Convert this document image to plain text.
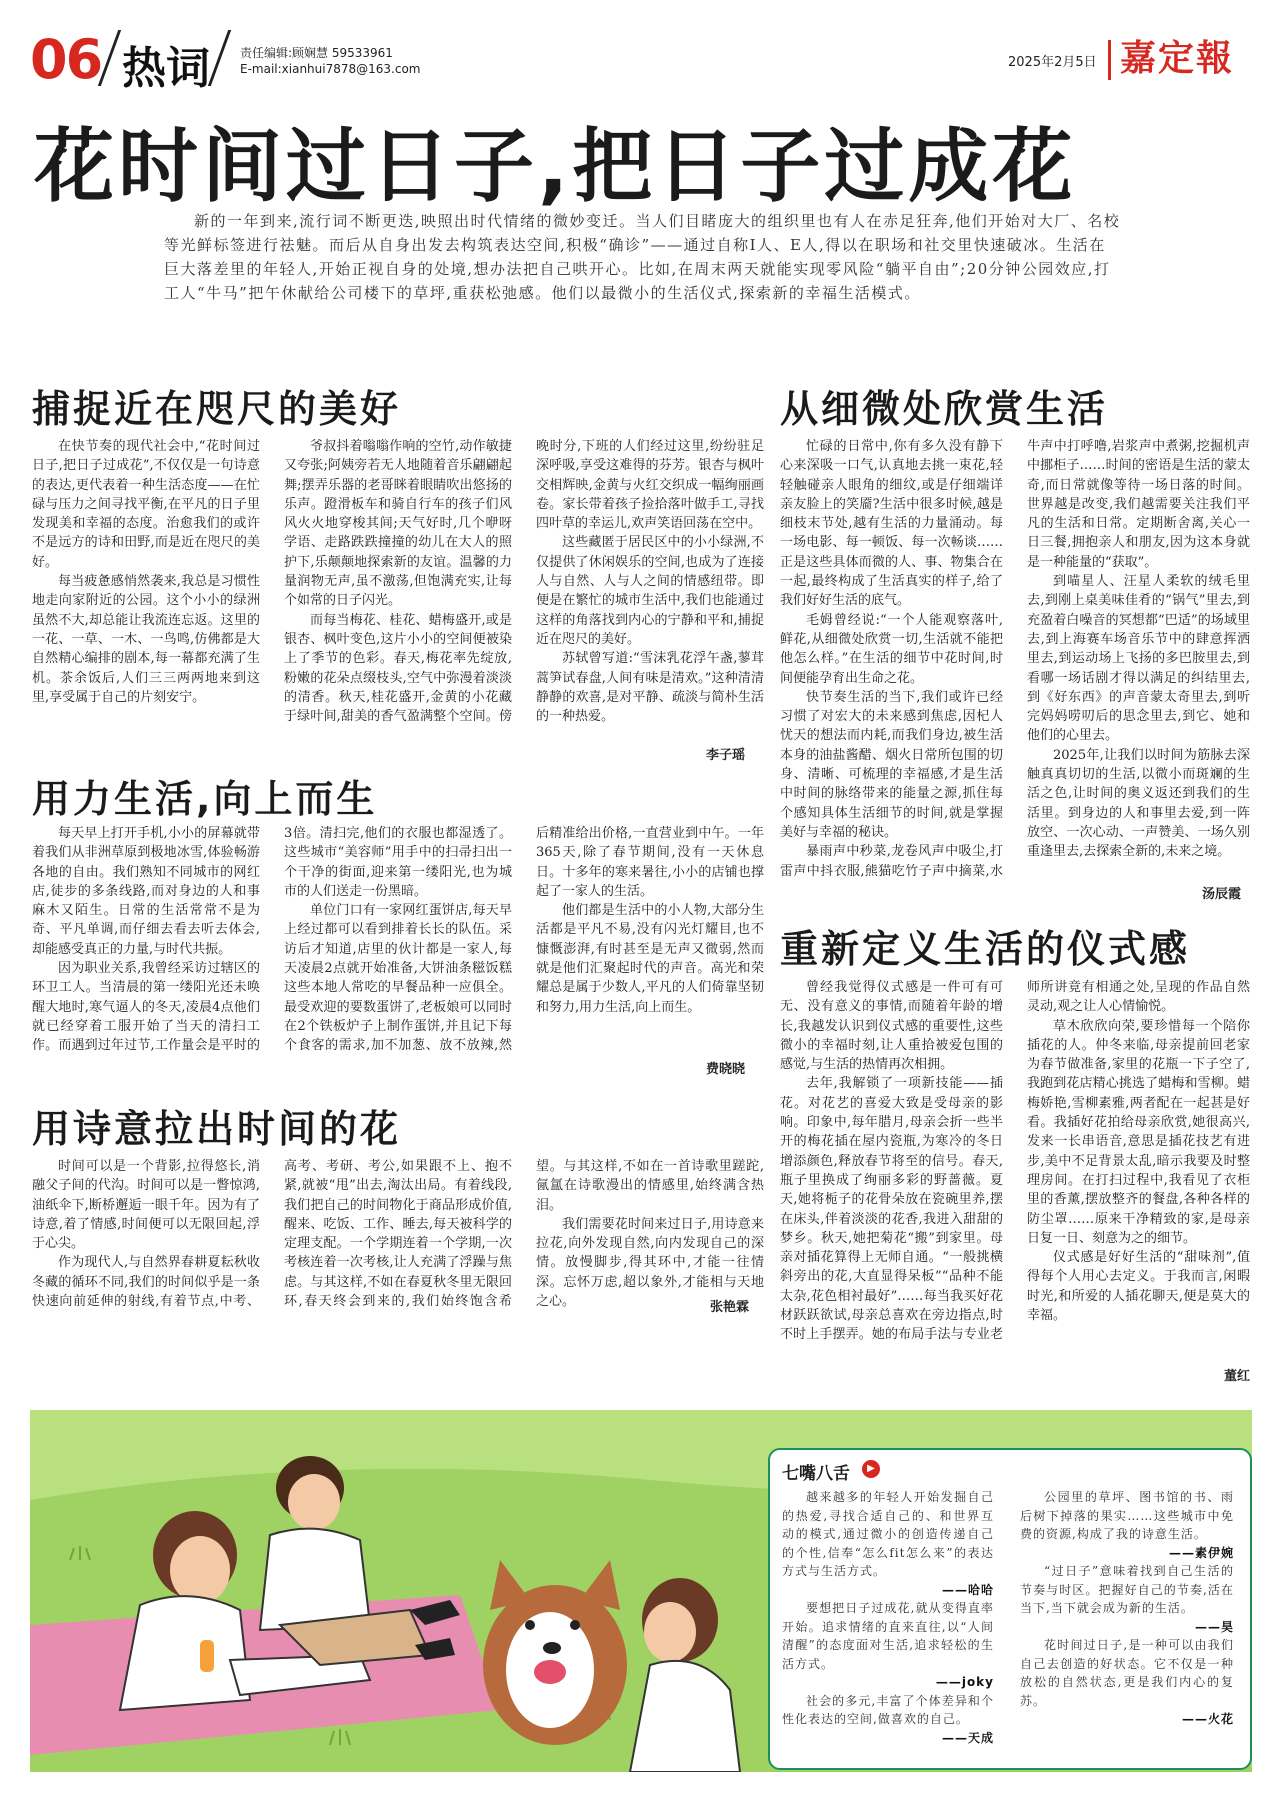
06 热词	责任编辑:顾娴慧 59533961
E-mail:xianhui7878@163.com	2025年2月5日 嘉定報
花时间过日子,把日子过成花

新的一年到来,流行词不断更迭,映照出时代情绪的微妙变迁。当人们目睹庞大的组织里也有人在赤足狂奔,他们开始对大厂、名校等光鲜标签进行祛魅。而后从自身出发去构筑表达空间,积极“确诊”——通过自称I人、E人,得以在职场和社交里快速破冰。生活在巨大落差里的年轻人,开始正视自身的处境,想办法把自己哄开心。比如,在周末两天就能实现零风险“躺平自由”;20分钟公园效应,打工人“牛马”把午休献给公司楼下的草坪,重获松弛感。他们以最微小的生活仪式,探索新的幸福生活模式。

捕捉近在咫尺的美好

在快节奏的现代社会中,“花时间过日子,把日子过成花”,不仅仅是一句诗意的表达,更代表着一种生活态度——在忙碌与压力之间寻找平衡,在平凡的日子里发现美和幸福的态度。治愈我们的或许不是远方的诗和田野,而是近在咫尺的美好。

每当疲惫感悄然袭来,我总是习惯性地走向家附近的公园。这个小小的绿洲虽然不大,却总能让我流连忘返。这里的一花、一草、一木、一鸟鸣,仿佛都是大自然精心编排的剧本,每一幕都充满了生机。茶余饭后,人们三三两两地来到这里,享受属于自己的片刻安宁。

爷叔抖着嗡嗡作响的空竹,动作敏捷又夸张;阿姨旁若无人地随着音乐翩翩起舞;摆弄乐器的老哥眯着眼睛吹出悠扬的乐声。蹬滑板车和骑自行车的孩子们风风火火地穿梭其间;天气好时,几个咿呀学语、走路跌跌撞撞的幼儿在大人的照护下,乐颠颠地探索新的友谊。温馨的力量润物无声,虽不激荡,但饱满充实,让每个如常的日子闪光。

而每当梅花、桂花、蜡梅盛开,或是银杏、枫叶变色,这片小小的空间便被染上了季节的色彩。春天,梅花率先绽放,粉嫩的花朵点缀枝头,空气中弥漫着淡淡的清香。秋天,桂花盛开,金黄的小花藏于绿叶间,甜美的香气盈满整个空间。傍晚时分,下班的人们经过这里,纷纷驻足深呼吸,享受这难得的芬芳。银杏与枫叶交相辉映,金黄与火红交织成一幅绚丽画卷。家长带着孩子捡拾落叶做手工,寻找四叶草的幸运儿,欢声笑语回荡在空中。

这些藏匿于居民区中的小小绿洲,不仅提供了休闲娱乐的空间,也成为了连接人与自然、人与人之间的情感纽带。即便是在繁忙的城市生活中,我们也能通过这样的角落找到内心的宁静和平和,捕捉近在咫尺的美好。

苏轼曾写道:“雪沫乳花浮午盏,蓼茸蒿笋试春盘,人间有味是清欢。”这种清清静静的欢喜,是对平静、疏淡与简朴生活的一种热爱。

李子瑶
用力生活,向上而生

每天早上打开手机,小小的屏幕就带着我们从非洲草原到极地冰雪,体验畅游各地的自由。我们熟知不同城市的网红店,徒步的多条线路,而对身边的人和事麻木又陌生。日常的生活常常不是为奇、平凡单调,而仔细去看去听去体会,却能感受真正的力量,与时代共振。

因为职业关系,我曾经采访过辖区的环卫工人。当清晨的第一缕阳光还未唤醒大地时,寒气逼人的冬天,凌晨4点他们就已经穿着工服开始了当天的清扫工作。而遇到过年过节,工作量会是平时的3倍。清扫完,他们的衣服也都湿透了。这些城市“美容师”用手中的扫帚扫出一个干净的街面,迎来第一缕阳光,也为城市的人们送走一份黑暗。

单位门口有一家网红蛋饼店,每天早上经过都可以看到排着长长的队伍。采访后才知道,店里的伙计都是一家人,每天凌晨2点就开始准备,大饼油条糍饭糕这些本地人常吃的早餐品种一应俱全。最受欢迎的要数蛋饼了,老板娘可以同时在2个铁板炉子上制作蛋饼,并且记下每个食客的需求,加不加葱、放不放辣,然后精准给出价格,一直营业到中午。一年365天,除了春节期间,没有一天休息日。十多年的寒来暑往,小小的店铺也撑起了一家人的生活。

他们都是生活中的小人物,大部分生活都是平凡不易,没有闪光灯耀目,也不慷慨澎湃,有时甚至是无声又微弱,然而就是他们汇聚起时代的声音。高光和荣耀总是属于少数人,平凡的人们倚靠坚韧和努力,用力生活,向上而生。

费晓晓
用诗意拉出时间的花

时间可以是一个背影,拉得悠长,消融父子间的代沟。时间可以是一瞥惊鸿,油纸伞下,断桥邂逅一眼千年。因为有了诗意,着了情感,时间便可以无限回起,浮于心尖。

作为现代人,与自然界春耕夏耘秋收冬藏的循环不同,我们的时间似乎是一条快速向前延伸的射线,有着节点,中考、高考、考研、考公,如果跟不上、抱不紧,就被“甩”出去,淘汰出局。有着线段,我们把自己的时间物化于商品形成价值,醒来、吃饭、工作、睡去,每天被科学的定理支配。一个学期连着一个学期,一次考核连着一次考核,让人充满了浮躁与焦虑。与其这样,不如在春夏秋冬里无限回环,春天终会到来的,我们始终饱含希望。与其这样,不如在一首诗歌里蹉跎,氤氲在诗歌漫出的情感里,始终满含热泪。

我们需要花时间来过日子,用诗意来拉花,向外发现自然,向内发现自己的深情。放慢脚步,得其环中,才能一往情深。忘怀万虑,超以象外,才能相与天地之心。	张艳霖
从细微处欣赏生活

忙碌的日常中,你有多久没有静下心来深吸一口气,认真地去挑一束花,轻轻触碰亲人眼角的细纹,或是仔细端详亲友脸上的笑靥?生活中很多时候,越是细枝末节处,越有生活的力量涌动。每一场电影、每一顿饭、每一次畅谈……正是这些具体而微的人、事、物集合在一起,最终构成了生活真实的样子,给了我们好好生活的底气。

毛姆曾经说:“一个人能观察落叶,鲜花,从细微处欣赏一切,生活就不能把他怎么样。”在生活的细节中花时间,时间便能孕育出生命之花。

快节奏生活的当下,我们或许已经习惯了对宏大的未来感到焦虑,因杞人忧天的想法而内耗,而我们身边,被生活本身的油盐酱醋、烟火日常所包围的切身、清晰、可梳理的幸福感,才是生活中时间的脉络带来的能量之源,抓住每个感知具体生活细节的时间,就是掌握美好与幸福的秘诀。

暴雨声中秒菜,龙卷风声中吸尘,打雷声中抖衣服,熊猫吃竹子声中摘菜,水牛声中打呼噜,岩浆声中煮粥,挖掘机声中挪柜子……时间的密语是生活的蒙太奇,而日常就像等待一场日落的时间。世界越是改变,我们越需要关注我们平凡的生活和日常。定期断舍离,关心一日三餐,拥抱亲人和朋友,因为这本身就是一种能量的“获取”。

到喵星人、汪星人柔软的绒毛里去,到刚上桌美味佳肴的“锅气”里去,到充盈着白噪音的冥想都“巴适”的场域里去,到上海赛车场音乐节中的肆意挥洒里去,到运动场上飞扬的多巴胺里去,到看哪一场话剧才得以满足的纠结里去,到《好东西》的声音蒙太奇里去,到听完妈妈唠叨后的思念里去,到它、她和他们的心里去。

2025年,让我们以时间为筋脉去深触真真切切的生活,以微小而斑斓的生活之色,让时间的奥义返还到我们的生活里。到身边的人和事里去爱,到一阵放空、一次心动、一声赞美、一场久别重逢里去,去探索全新的,未来之境。

汤辰霞
重新定义生活的仪式感

曾经我觉得仪式感是一件可有可无、没有意义的事情,而随着年龄的增长,我越发认识到仪式感的重要性,这些微小的幸福时刻,让人重拾被爱包围的感觉,与生活的热情再次相拥。

去年,我解锁了一项新技能——插花。对花艺的喜爱大致是受母亲的影响。印象中,每年腊月,母亲会折一些半开的梅花插在屋内瓷瓶,为寒冷的冬日增添颜色,释放春节将至的信号。春天,瓶子里换成了绚丽多彩的野蔷薇。夏天,她将栀子的花骨朵放在瓷碗里养,摆在床头,伴着淡淡的花香,我进入甜甜的梦乡。秋天,她把菊花“搬”到家里。母亲对插花算得上无师自通。“一般挑横斜旁出的花,大直显得呆板”“品种不能太杂,花色相衬最好”……每当我买好花材跃跃欲试,母亲总喜欢在旁边指点,时不时上手摆弄。她的布局手法与专业老师所讲竟有相通之处,呈现的作品自然灵动,观之让人心情愉悦。

草木欣欣向荣,要珍惜每一个陪你插花的人。仲冬来临,母亲提前回老家为春节做准备,家里的花瓶一下子空了,我跑到花店精心挑选了蜡梅和雪柳。蜡梅娇艳,雪柳素雅,两者配在一起甚是好看。我插好花拍给母亲欣赏,她很高兴,发来一长串语音,意思是插花技艺有进步,美中不足背景太乱,暗示我要及时整理房间。在打扫过程中,我看见了衣柜里的香薰,摆放整齐的餐盘,各种各样的防尘罩……原来干净精致的家,是母亲日复一日、刻意为之的细节。

仪式感是好好生活的“甜味剂”,值得每个人用心去定义。于我而言,闲暇时光,和所爱的人插花聊天,便是莫大的幸福。

董红
七嘴八舌	▶

越来越多的年轻人开始发掘自己的热爱,寻找合适自己的、和世界互动的模式,通过微小的创造传递自己的个性,信奉“怎么fit怎么来”的表达方式与生活方式。

——哈哈

要想把日子过成花,就从变得直率开始。追求情绪的直来直往,以“人间清醒”的态度面对生活,追求轻松的生活方式。

——joky

社会的多元,丰富了个体差异和个性化表达的空间,做喜欢的自己。

——天成

公园里的草坪、图书馆的书、雨后树下掉落的果实……这些城市中免费的资源,构成了我的诗意生活。

——素伊婉

“过日子”意味着找到自己生活的节奏与时区。把握好自己的节奏,活在当下,当下就会成为新的生活。

——昊

花时间过日子,是一种可以由我们自己去创造的好状态。它不仅是一种放松的自然状态,更是我们内心的复苏。

——火花
